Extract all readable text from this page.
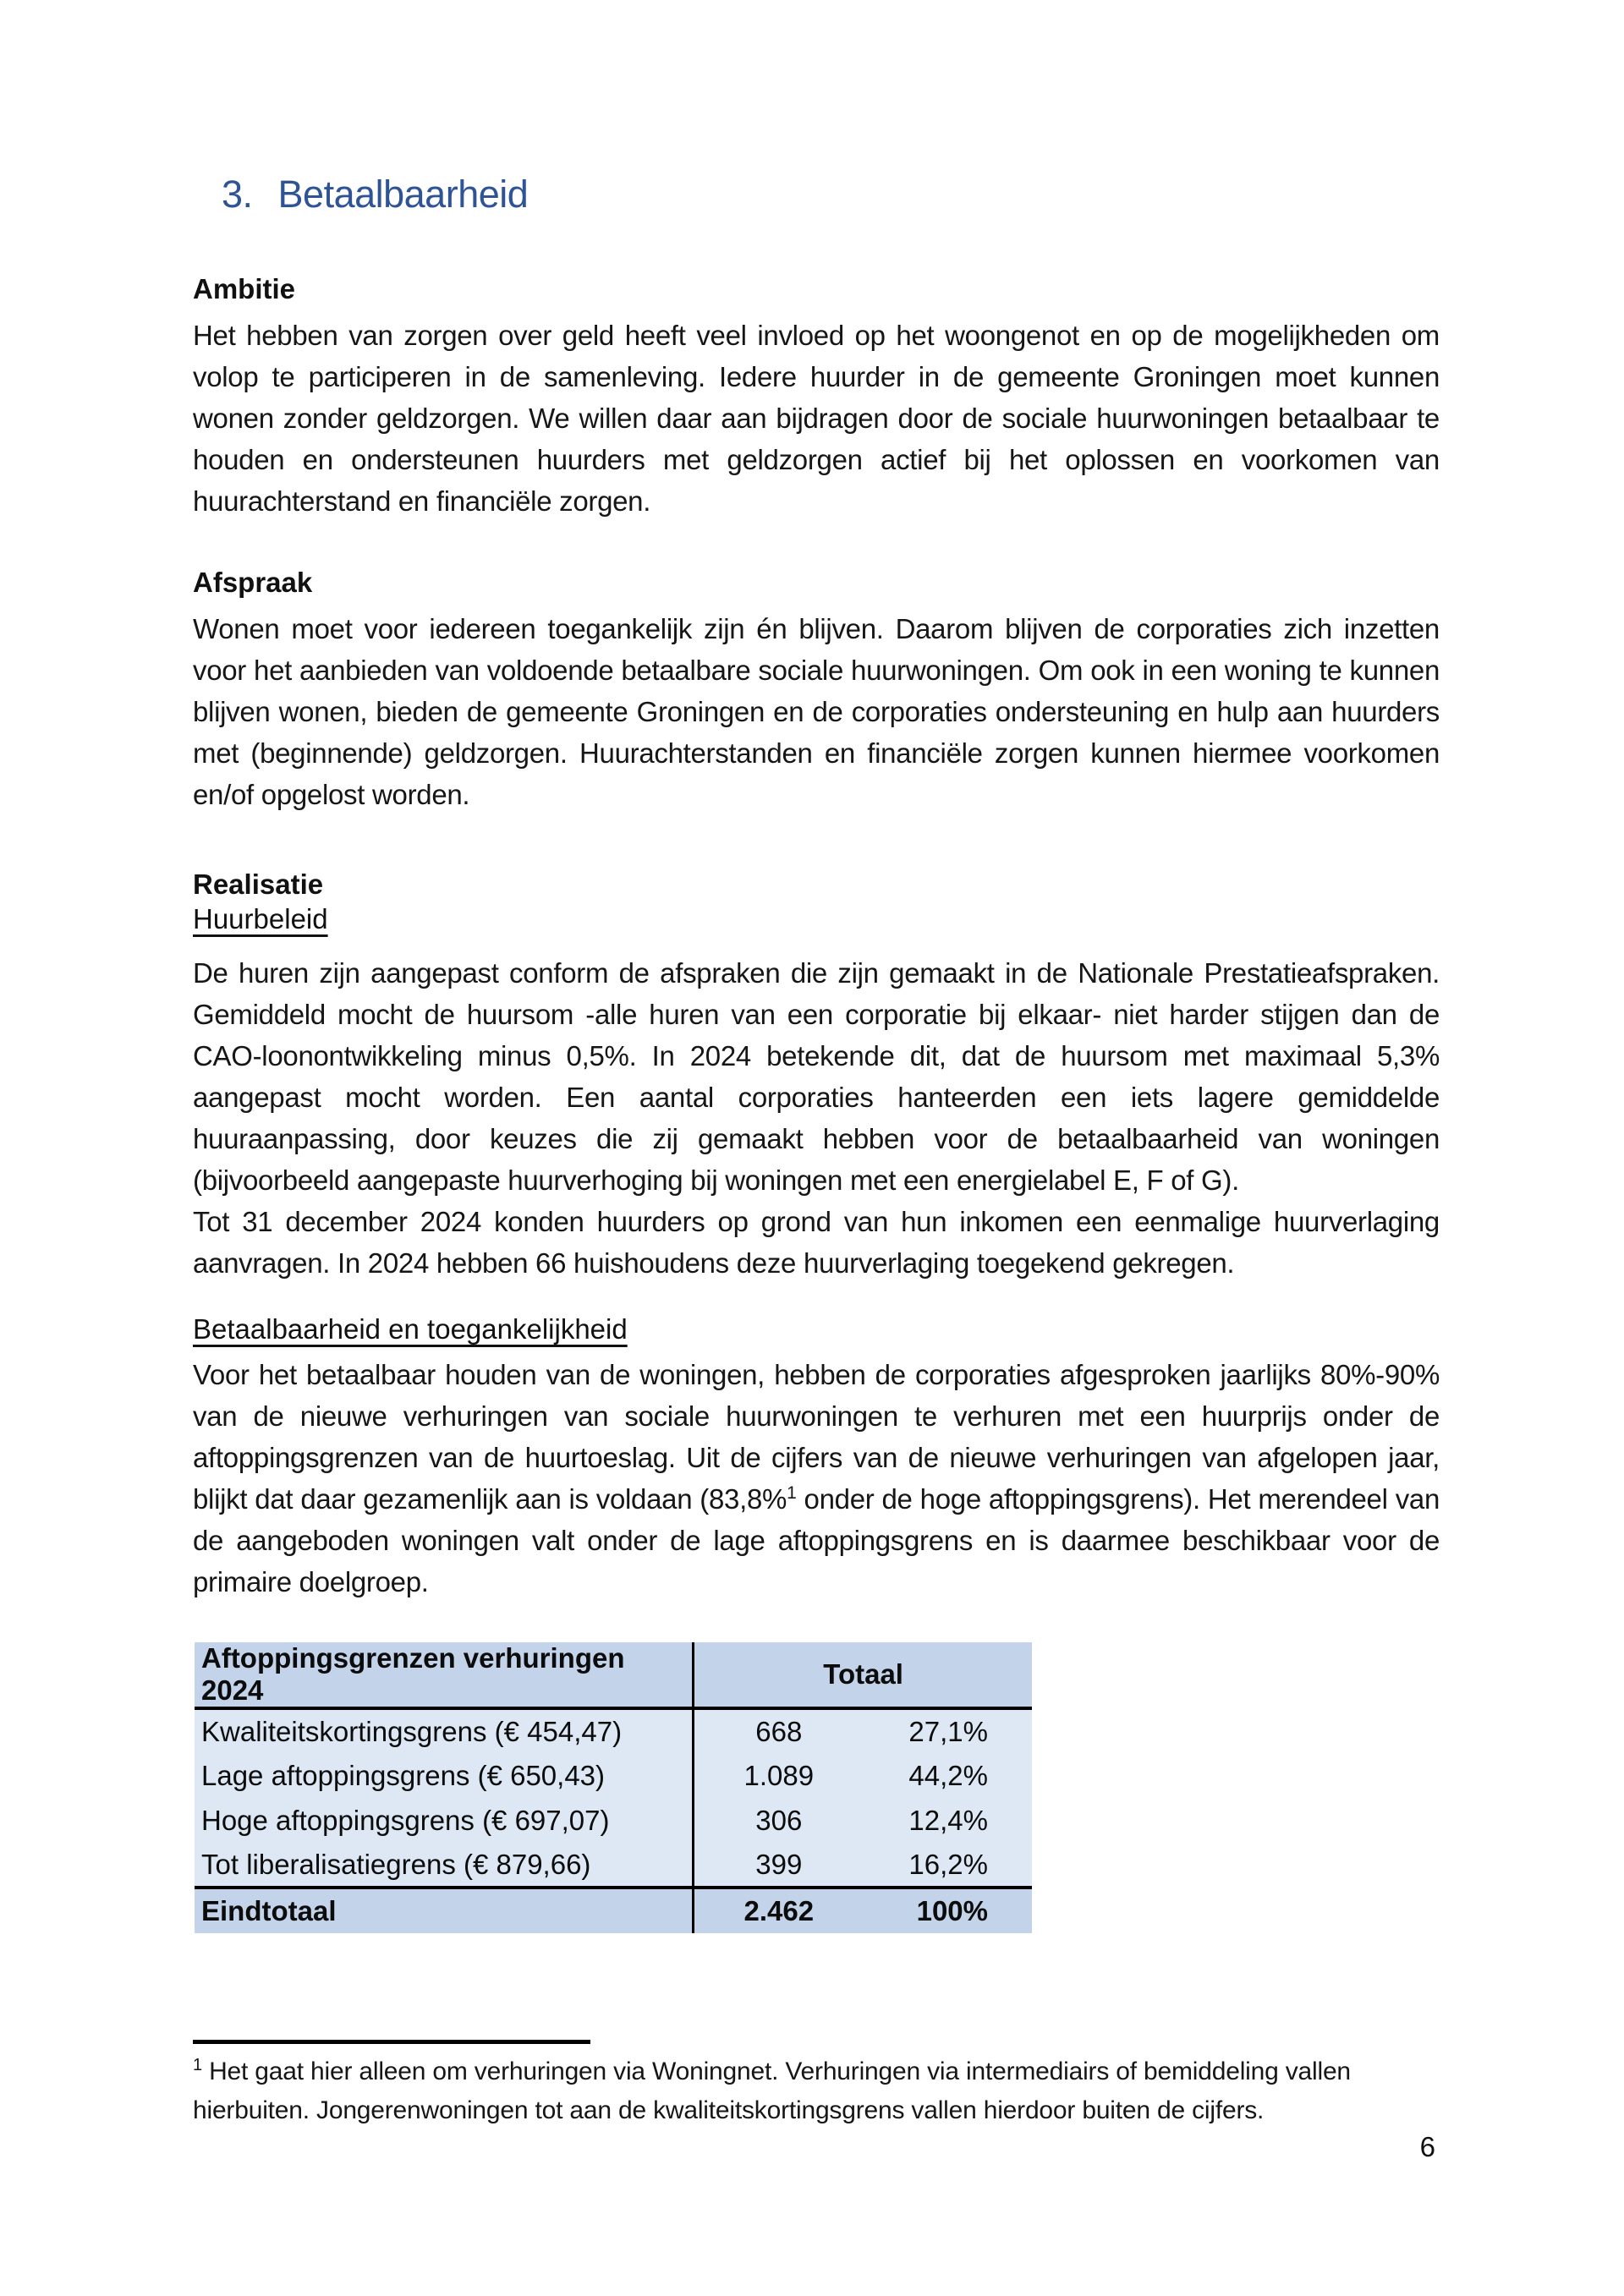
3. Betaalbaarheid
Ambitie

Het hebben van zorgen over geld heeft veel invloed op het woongenot en op de mogelijkheden om volop te participeren in de samenleving. Iedere huurder in de gemeente Groningen moet kunnen wonen zonder geldzorgen. We willen daar aan bijdragen door de sociale huurwoningen betaalbaar te houden en ondersteunen huurders met geldzorgen actief bij het oplossen en voorkomen van huurachterstand en financiële zorgen.

Afspraak

Wonen moet voor iedereen toegankelijk zijn én blijven. Daarom blijven de corporaties zich inzetten voor het aanbieden van voldoende betaalbare sociale huurwoningen. Om ook in een woning te kunnen blijven wonen, bieden de gemeente Groningen en de corporaties ondersteuning en hulp aan huurders met (beginnende) geldzorgen. Huurachterstanden en financiële zorgen kunnen hiermee voorkomen en/of opgelost worden.

Realisatie
Huurbeleid

De huren zijn aangepast conform de afspraken die zijn gemaakt in de Nationale Prestatieafspraken. Gemiddeld mocht de huursom -alle huren van een corporatie bij elkaar- niet harder stijgen dan de CAO-loonontwikkeling minus 0,5%. In 2024 betekende dit, dat de huursom met maximaal 5,3% aangepast mocht worden. Een aantal corporaties hanteerden een iets lagere gemiddelde huuraanpassing, door keuzes die zij gemaakt hebben voor de betaalbaarheid van woningen (bijvoorbeeld aangepaste huurverhoging bij woningen met een energielabel E, F of G).

Tot 31 december 2024 konden huurders op grond van hun inkomen een eenmalige huurverlaging aanvragen. In 2024 hebben 66 huishoudens deze huurverlaging toegekend gekregen.

Betaalbaarheid en toegankelijkheid

Voor het betaalbaar houden van de woningen, hebben de corporaties afgesproken jaarlijks 80%-90% van de nieuwe verhuringen van sociale huurwoningen te verhuren met een huurprijs onder de aftoppingsgrenzen van de huurtoeslag. Uit de cijfers van de nieuwe verhuringen van afgelopen jaar, blijkt dat daar gezamenlijk aan is voldaan (83,8%$^1$ onder de hoge aftoppingsgrens). Het merendeel van de aangeboden woningen valt onder de lage aftoppingsgrens en is daarmee beschikbaar voor de primaire doelgroep.

Aftoppingsgrenzen verhuringen 2024	Totaal	
Kwaliteitskortingsgrens (€ 454,47)	668	27,1%
Lage aftoppingsgrens (€ 650,43)	1.089	44,2%
Hoge aftoppingsgrens (€ 697,07)	306	12,4%
Tot liberalisatiegrens (€ 879,66)	399	16,2%
Eindtotaal	2.462	100%
$^1$ Het gaat hier alleen om verhuringen via Woningnet. Verhuringen via intermediairs of bemiddeling vallen hierbuiten. Jongerenwoningen tot aan de kwaliteitskortingsgrens vallen hierdoor buiten de cijfers.
6
